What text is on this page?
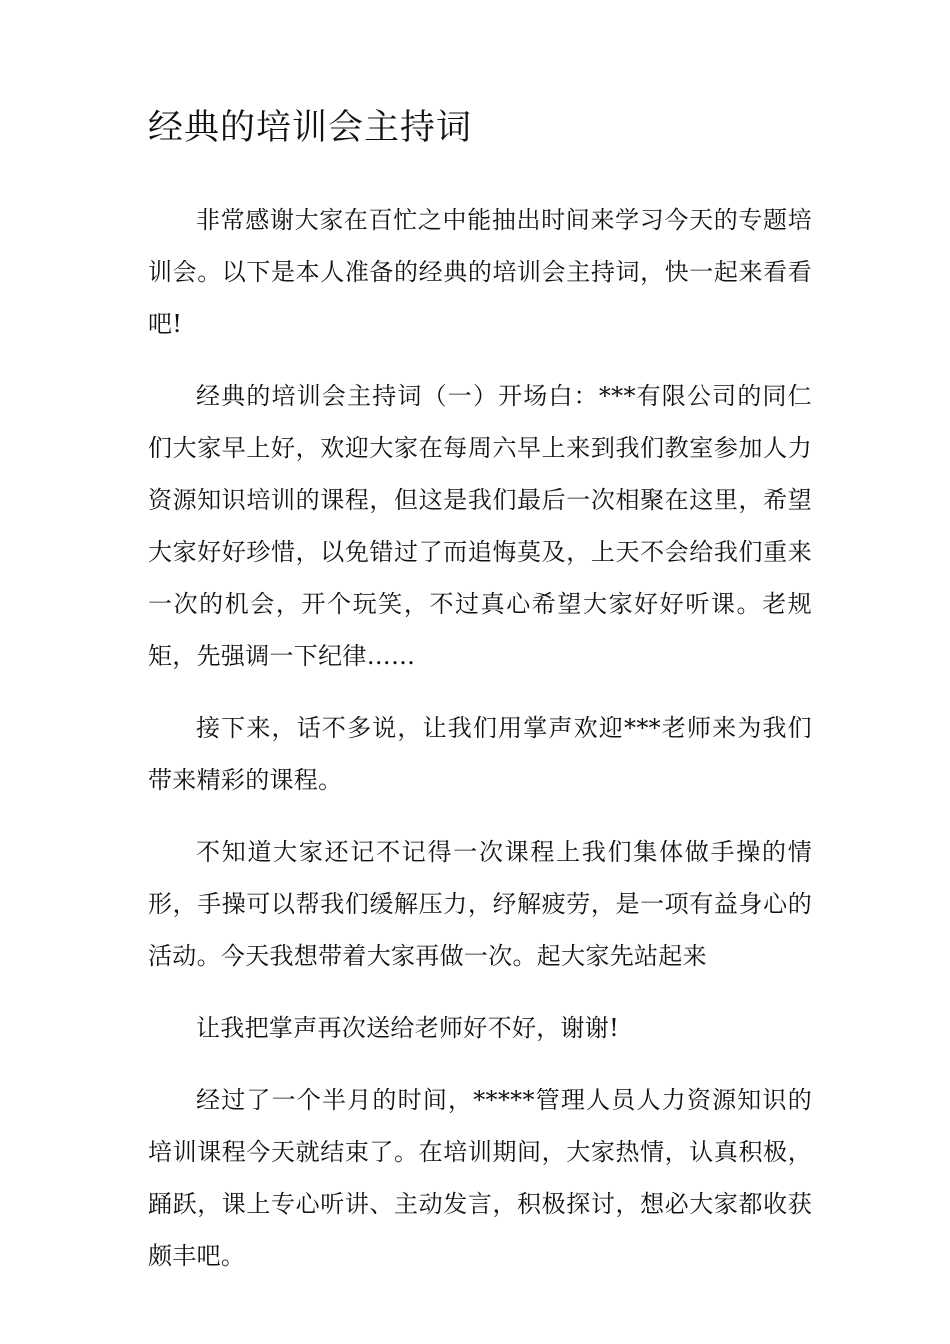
经典的培训会主持词

非常感谢大家在百忙之中能抽出时间来学习今天的专题培训会。以下是本人准备的经典的培训会主持词，快一起来看看吧!

经典的培训会主持词（一）开场白：***有限公司的同仁们大家早上好，欢迎大家在每周六早上来到我们教室参加人力资源知识培训的课程，但这是我们最后一次相聚在这里，希望大家好好珍惜，以免错过了而追悔莫及，上天不会给我们重来一次的机会，开个玩笑，不过真心希望大家好好听课。老规矩，先强调一下纪律……

接下来，话不多说，让我们用掌声欢迎***老师来为我们带来精彩的课程。

不知道大家还记不记得一次课程上我们集体做手操的情形，手操可以帮我们缓解压力，纾解疲劳，是一项有益身心的活动。今天我想带着大家再做一次。起大家先站起来

让我把掌声再次送给老师好不好，谢谢!

经过了一个半月的时间，*****管理人员人力资源知识的培训课程今天就结束了。在培训期间，大家热情，认真积极，踊跃，课上专心听讲、主动发言，积极探讨，想必大家都收获颇丰吧。
